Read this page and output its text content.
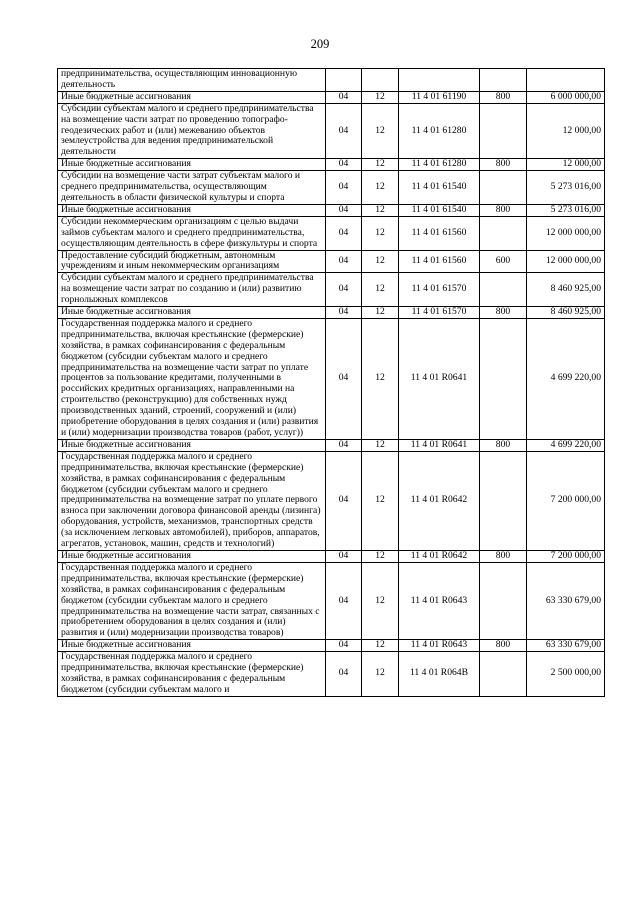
209
предпринимательства, осуществляющим инновационную деятельность					
Иные бюджетные ассигнования	04	12	11 4 01 61190	800	6 000 000,00
Субсидии субъектам малого и среднего предпринимательства на возмещение части затрат по проведению топографо-геодезических работ и (или) межеванию объектов землеустройства для ведения предпринимательской деятельности	04	12	11 4 01 61280		12 000,00
Иные бюджетные ассигнования	04	12	11 4 01 61280	800	12 000,00
Субсидии на возмещение части затрат субъектам малого и среднего предпринимательства, осуществляющим деятельность в области физической культуры и спорта	04	12	11 4 01 61540		5 273 016,00
Иные бюджетные ассигнования	04	12	11 4 01 61540	800	5 273 016,00
Субсидии некоммерческим организациям с целью выдачи займов субъектам малого и среднего предпринимательства, осуществляющим деятельность в сфере физкультуры и спорта	04	12	11 4 01 61560		12 000 000,00
Предоставление субсидий бюджетным, автономным учреждениям и иным некоммерческим организациям	04	12	11 4 01 61560	600	12 000 000,00
Субсидии субъектам малого и среднего предпринимательства на возмещение части затрат по созданию и (или) развитию горнолыжных комплексов	04	12	11 4 01 61570		8 460 925,00
Иные бюджетные ассигнования	04	12	11 4 01 61570	800	8 460 925,00
Государственная поддержка малого и среднего предпринимательства, включая крестьянские (фермерские) хозяйства, в рамках софинансирования с федеральным бюджетом (субсидии субъектам малого и среднего предпринимательства на возмещение части затрат по уплате процентов за пользование кредитами, полученными в российских кредитных организациях, направленными на строительство (реконструкцию) для собственных нужд производственных зданий, строений, сооружений и (или) приобретение оборудования в целях создания и (или) развития и (или) модернизации производства товаров (работ, услуг))	04	12	11 4 01 R0641		4 699 220,00
Иные бюджетные ассигнования	04	12	11 4 01 R0641	800	4 699 220,00
Государственная поддержка малого и среднего предпринимательства, включая крестьянские (фермерские) хозяйства, в рамках софинансирования с федеральным бюджетом (субсидии субъектам малого и среднего предпринимательства на возмещение затрат по уплате первого взноса при заключении договора финансовой аренды (лизинга) оборудования, устройств, механизмов, транспортных средств (за исключением легковых автомобилей), приборов, аппаратов, агрегатов, установок, машин, средств и технологий)	04	12	11 4 01 R0642		7 200 000,00
Иные бюджетные ассигнования	04	12	11 4 01 R0642	800	7 200 000,00
Государственная поддержка малого и среднего предпринимательства, включая крестьянские (фермерские) хозяйства, в рамках софинансирования с федеральным бюджетом (субсидии субъектам малого и среднего предпринимательства на возмещение части затрат, связанных с приобретением оборудования в целях создания и (или) развития и (или) модернизации производства товаров)	04	12	11 4 01 R0643		63 330 679,00
Иные бюджетные ассигнования	04	12	11 4 01 R0643	800	63 330 679,00
Государственная поддержка малого и среднего предпринимательства, включая крестьянские (фермерские) хозяйства, в рамках софинансирования с федеральным бюджетом (субсидии субъектам малого и	04	12	11 4 01 R064В		2 500 000,00
